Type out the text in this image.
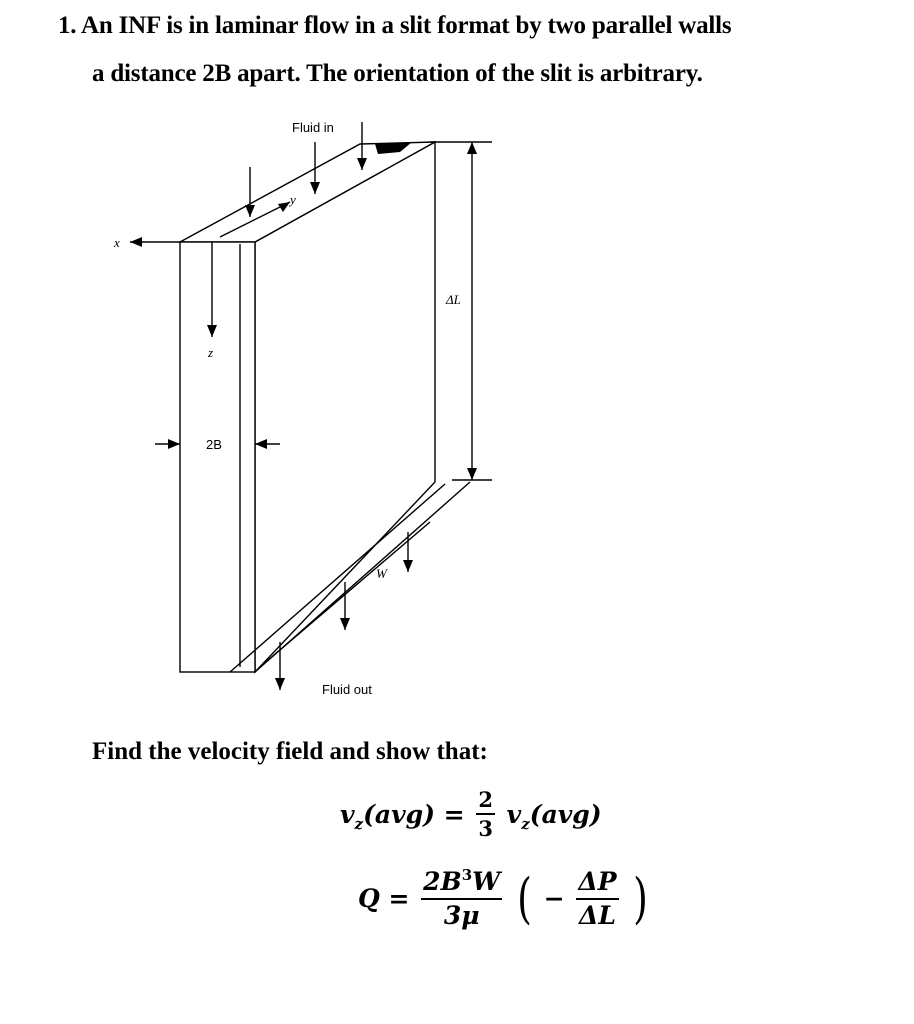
1. An INF is in laminar flow in a slit format by two parallel walls
a distance 2B apart. The orientation of the slit is arbitrary.
Fluid in
Fluid out
x
y
z
2B
ΔL
W
Find the velocity field and show that:
$v_z(avg) = \frac{2}{3} v_z(avg)$
$Q = \frac{2B^3W}{3\mu}$ ( − $\frac{\Delta P}{\Delta L}$ )
